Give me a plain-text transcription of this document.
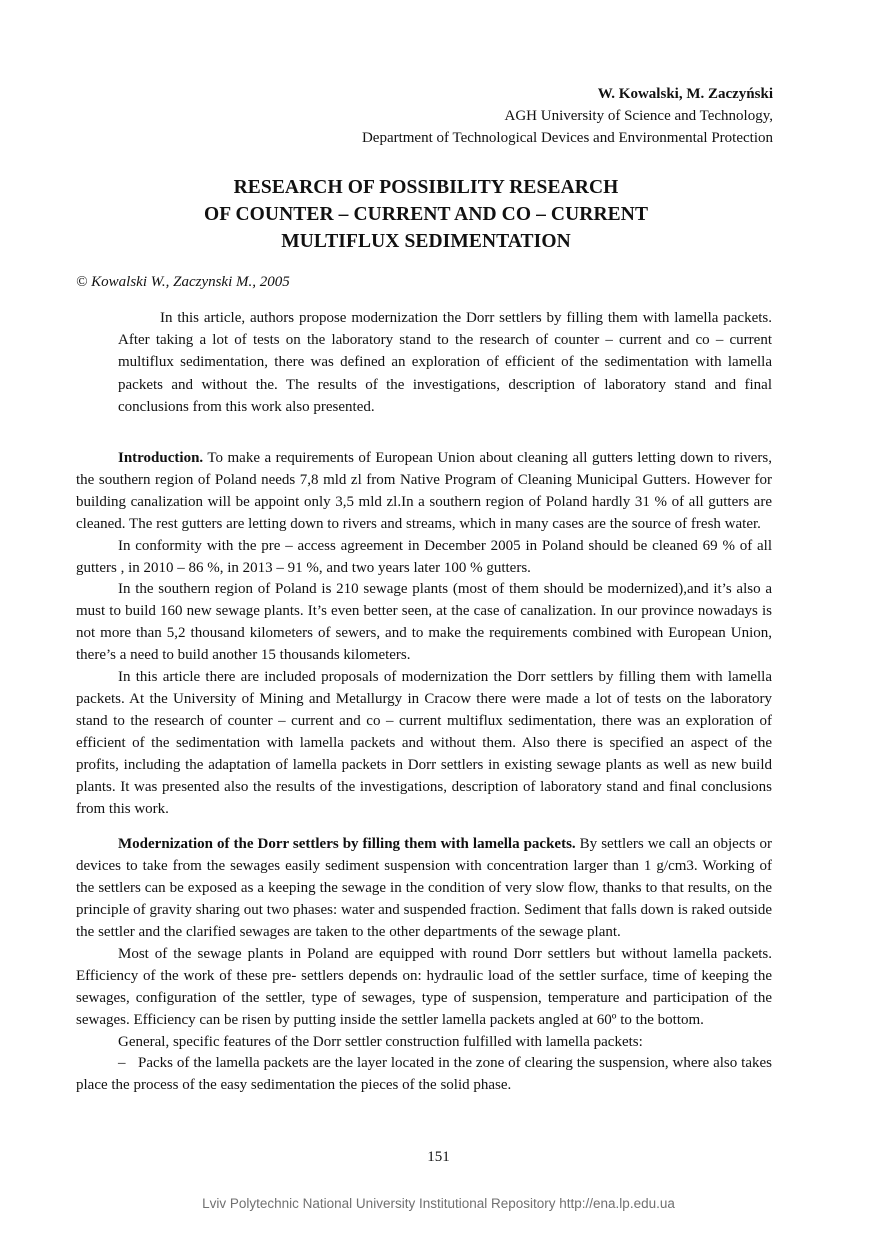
W. Kowalski, M. Zaczyński
AGH University of Science and Technology,
Department of Technological Devices and Environmental Protection
RESEARCH OF POSSIBILITY RESEARCH
OF COUNTER – CURRENT AND CO – CURRENT
MULTIFLUX SEDIMENTATION
© Kowalski W., Zaczynski M., 2005

In this article, authors propose modernization the Dorr settlers by filling them with lamella packets. After taking a lot of tests on the laboratory stand to the research of counter – current and co – current multiflux sedimentation, there was defined an exploration of efficient of the sedimentation with lamella packets and without the. The results of the investigations, description of laboratory stand and final conclusions from this work also presented.

Introduction. To make a requirements of European Union about cleaning all gutters letting down to rivers, the southern region of Poland needs 7,8 mld zl from Native Program of Cleaning Municipal Gutters. However for building canalization will be appoint only 3,5 mld zl.In a southern region of Poland hardly 31 % of all gutters are cleaned. The rest gutters are letting down to rivers and streams, which in many cases are the source of fresh water.

In conformity with the pre – access agreement in December 2005 in Poland should be cleaned 69 % of all gutters , in 2010 – 86 %, in 2013 – 91 %, and two years later 100 % gutters.

In the southern region of Poland is 210 sewage plants (most of them should be modernized),and it’s also a must to build 160 new sewage plants. It’s even better seen, at the case of canalization. In our province nowadays is not more than 5,2 thousand kilometers of sewers, and to make the requirements combined with European Union, there’s a need to build another 15 thousands kilometers.

In this article there are included proposals of modernization the Dorr settlers by filling them with lamella packets. At the University of Mining and Metallurgy in Cracow there were made a lot of tests on the laboratory stand to the research of counter – current and co – current multiflux sedimentation, there was an exploration of efficient of the sedimentation with lamella packets and without them. Also there is specified an aspect of the profits, including the adaptation of lamella packets in Dorr settlers in existing sewage plants as well as new build plants. It was presented also the results of the investigations, description of laboratory stand and final conclusions from this work.

Modernization of the Dorr settlers by filling them with lamella packets. By settlers we call an objects or devices to take from the sewages easily sediment suspension with concentration larger than 1 g/cm3. Working of the settlers can be exposed as a keeping the sewage in the condition of very slow flow, thanks to that results, on the principle of gravity sharing out two phases: water and suspended fraction. Sediment that falls down is raked outside the settler and the clarified sewages are taken to the other departments of the sewage plant.

Most of the sewage plants in Poland are equipped with round Dorr settlers but without lamella packets. Efficiency of the work of these pre- settlers depends on: hydraulic load of the settler surface, time of keeping the sewages, configuration of the settler, type of sewages, type of suspension, temperature and participation of the sewages. Efficiency can be risen by putting inside the settler lamella packets angled at 60º to the bottom.

General, specific features of the Dorr settler construction fulfilled with lamella packets:

– Packs of the lamella packets are the layer located in the zone of clearing the suspension, where also takes place the process of the easy sedimentation the pieces of the solid phase.

151
Lviv Polytechnic National University Institutional Repository http://ena.lp.edu.ua
